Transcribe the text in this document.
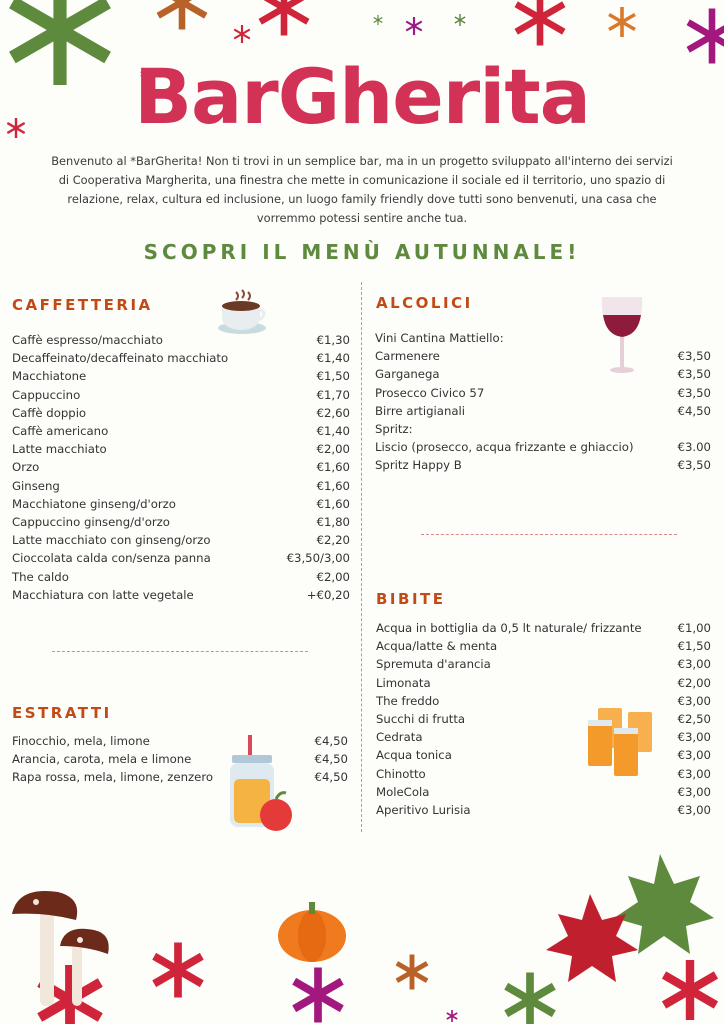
BarGherita
Benvenuto al *BarGherita! Non ti trovi in un semplice bar, ma in un progetto sviluppato all'interno dei servizi di Cooperativa Margherita, una finestra che mette in comunicazione il sociale ed il territorio, uno spazio di relazione, relax, cultura ed inclusione, un luogo family friendly dove tutti sono benvenuti, una casa che vorremmo potessi sentire anche tua.
SCOPRI IL MENÙ AUTUNNALE!
CAFFETTERIA
Caffè espresso/macchiato	€1,30
Decaffeinato/decaffeinato macchiato	€1,40
Macchiatone	€1,50
Cappuccino	€1,70
Caffè doppio	€2,60
Caffè americano	€1,40
Latte macchiato	€2,00
Orzo	€1,60
Ginseng	€1,60
Macchiatone ginseng/d'orzo	€1,60
Cappuccino ginseng/d'orzo	€1,80
Latte macchiato con ginseng/orzo	€2,20
Cioccolata calda con/senza panna	€3,50/3,00
The caldo	€2,00
Macchiatura con latte vegetale	+€0,20
ESTRATTI
Finocchio, mela, limone	€4,50
Arancia, carota, mela e limone	€4,50
Rapa rossa, mela, limone, zenzero	€4,50
ALCOLICI
Vini Cantina Mattiello:
Carmenere	€3,50
Garganega	€3,50
Prosecco Civico 57	€3,50
Birre artigianali	€4,50
Spritz:
Liscio (prosecco, acqua frizzante e ghiaccio)	€3.00
Spritz Happy B	€3,50
BIBITE
Acqua in bottiglia da 0,5 lt naturale/ frizzante	€1,00
Acqua/latte & menta	€1,50
Spremuta d'arancia	€3,00
Limonata	€2,00
The freddo	€3,00
Succhi di frutta	€2,50
Cedrata	€3,00
Acqua tonica	€3,00
Chinotto	€3,00
MoleCola	€3,00
Aperitivo Lurisia	€3,00
